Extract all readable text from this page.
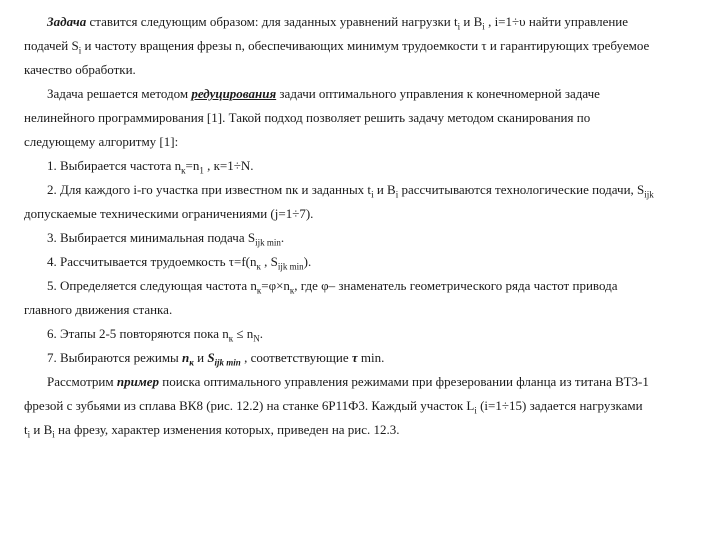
Задача ставится следующим образом: для заданных уравнений нагрузки $t_i$ и $B_i$ , i=1÷υ найти управление
подачей $S_i$ и частоту вращения фрезы n, обеспечивающих минимум трудоемкости τ и гарантирующих требуемое
качество обработки.
Задача решается методом редуцирования задачи оптимального управления к конечномерной задаче
нелинейного программирования [1]. Такой подход позволяет решить задачу методом сканирования по
следующему алгоритму [1]:
1. Выбирается частота $n_к=n_1$ , к=1÷N.
2. Для каждого i-го участка при известном nк и заданных $t_i$ и $B_i$ рассчитываются технологические подачи, $S_{ijk}$
допускаемые техническими ограничениями (j=1÷7).
3. Выбирается минимальная подача $S_{ijk min}$.
4. Рассчитывается трудоемкость $\tau=f(n_к$ , $S_{ijk min}$).
5. Определяется следующая частота $n_к=\varphi\times n_к$, где φ– знаменатель геометрического ряда частот привода
главного движения станка.
6. Этапы 2-5 повторяются пока $n_к \le n_N$.
7. Выбираются режимы $n_к$ и $S_{ijk min}$ , соответствующие τ min.
Рассмотрим пример поиска оптимального управления режимами при фрезеровании фланца из титана ВТ3-1
фрезой с зубьями из сплава ВК8 (рис. 12.2) на станке 6Р11Ф3. Каждый участок $L_i$ (i=1÷15) задается нагрузками
$t_i$ и $B_i$ на фрезу, характер изменения которых, приведен на рис. 12.3.
